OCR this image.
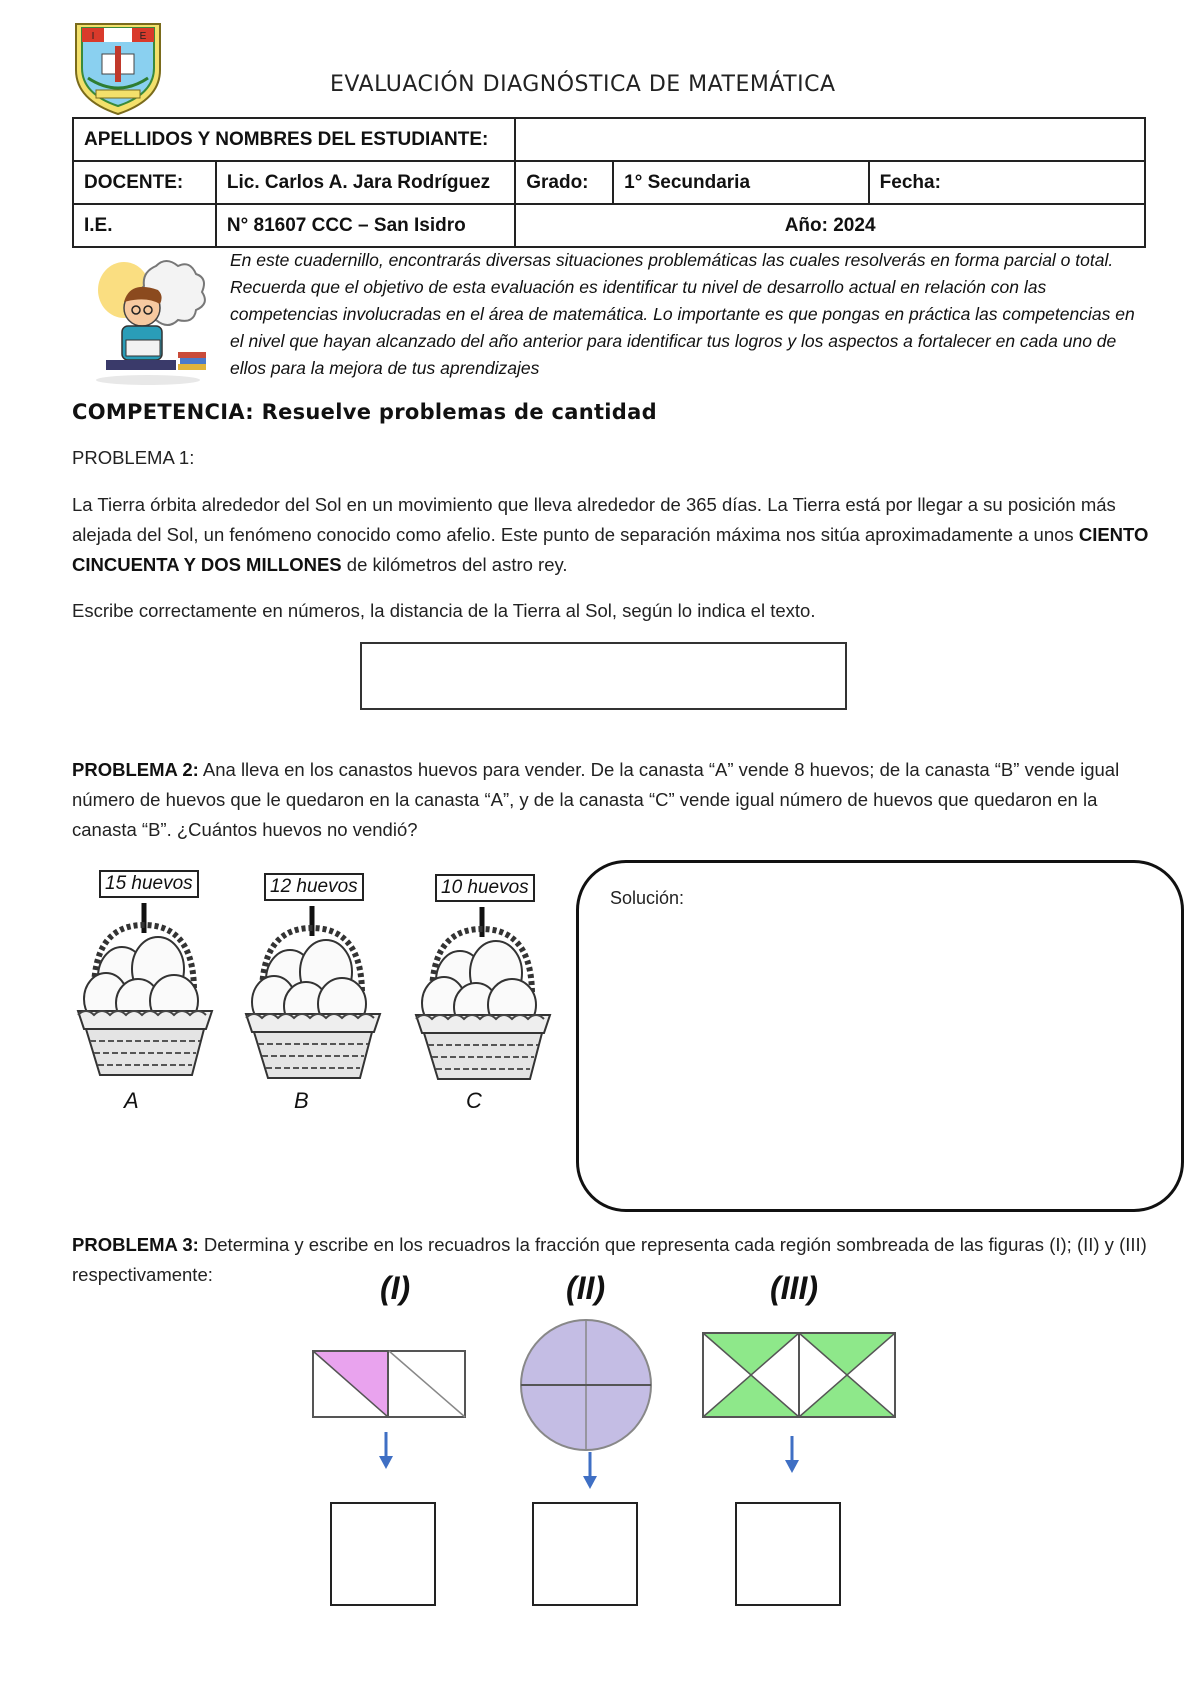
I	E
EVALUACIÓN DIAGNÓSTICA DE MATEMÁTICA
APELLIDOS Y NOMBRES DEL ESTUDIANTE:				
DOCENTE:	Lic. Carlos A. Jara Rodríguez	Grado:	1° Secundaria	Fecha:
I.E.	N° 81607 CCC – San Isidro	Año: 2024		
En este cuadernillo, encontrarás diversas situaciones problemáticas las cuales resolverás en forma parcial o total. Recuerda que el objetivo de esta evaluación es identificar tu nivel de desarrollo actual en relación con las competencias involucradas en el área de matemática. Lo importante es que pongas en práctica las competencias en el nivel que hayan alcanzado del año anterior para identificar tus logros y los aspectos a fortalecer en cada uno de ellos para la mejora de tus aprendizajes
COMPETENCIA: Resuelve problemas de cantidad
PROBLEMA 1:
La Tierra órbita alrededor del Sol en un movimiento que lleva alrededor de 365 días. La Tierra está por llegar a su posición más alejada del Sol, un fenómeno conocido como afelio. Este punto de separación máxima nos sitúa aproximadamente a unos CIENTO CINCUENTA Y DOS MILLONES de kilómetros del astro rey.
Escribe correctamente en números, la distancia de la Tierra al Sol, según lo indica el texto.
PROBLEMA 2: Ana lleva en los canastos huevos para vender. De la canasta “A” vende 8 huevos; de la canasta “B” vende igual número de huevos que le quedaron en la canasta “A”, y de la canasta “C” vende igual número de huevos que quedaron en la canasta “B”. ¿Cuántos huevos no vendió?
15 huevos
A
12 huevos
B
10 huevos
C
Solución:
PROBLEMA 3: Determina y escribe en los recuadros la fracción que representa cada región sombreada de las figuras (I); (II) y (III) respectivamente:	(I)	(II)	(III)
